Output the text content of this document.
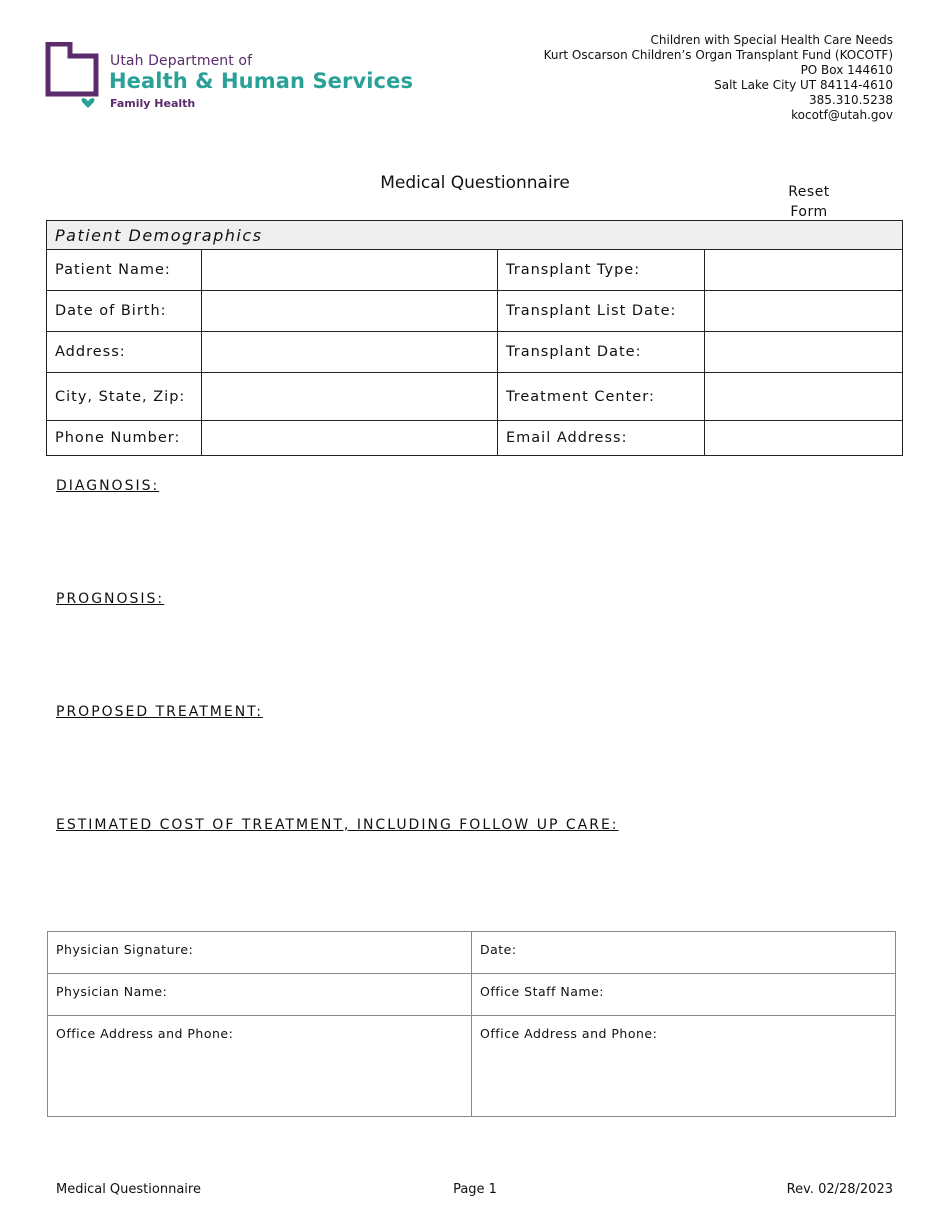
Utah Department of
Health & Human Services
Family Health
Children with Special Health Care Needs
Kurt Oscarson Children’s Organ Transplant Fund (KOCOTF)
PO Box 144610
Salt Lake City UT 84114-4610
385.310.5238
kocotf@utah.gov
Medical Questionnaire	Reset Form
Patient Demographics			
Patient Name:		Transplant Type:	
Date of Birth:		Transplant List Date:	
Address:		Transplant Date:	
City, State, Zip:		Treatment Center:	
Phone Number:		Email Address:	
DIAGNOSIS:
PROGNOSIS:
PROPOSED TREATMENT:
ESTIMATED COST OF TREATMENT, INCLUDING FOLLOW UP CARE:
Physician Signature:	Date:
Physician Name:	Office Staff Name:
Office Address and Phone:	Office Address and Phone:
Medical Questionnaire	Page 1	Rev. 02/28/2023
